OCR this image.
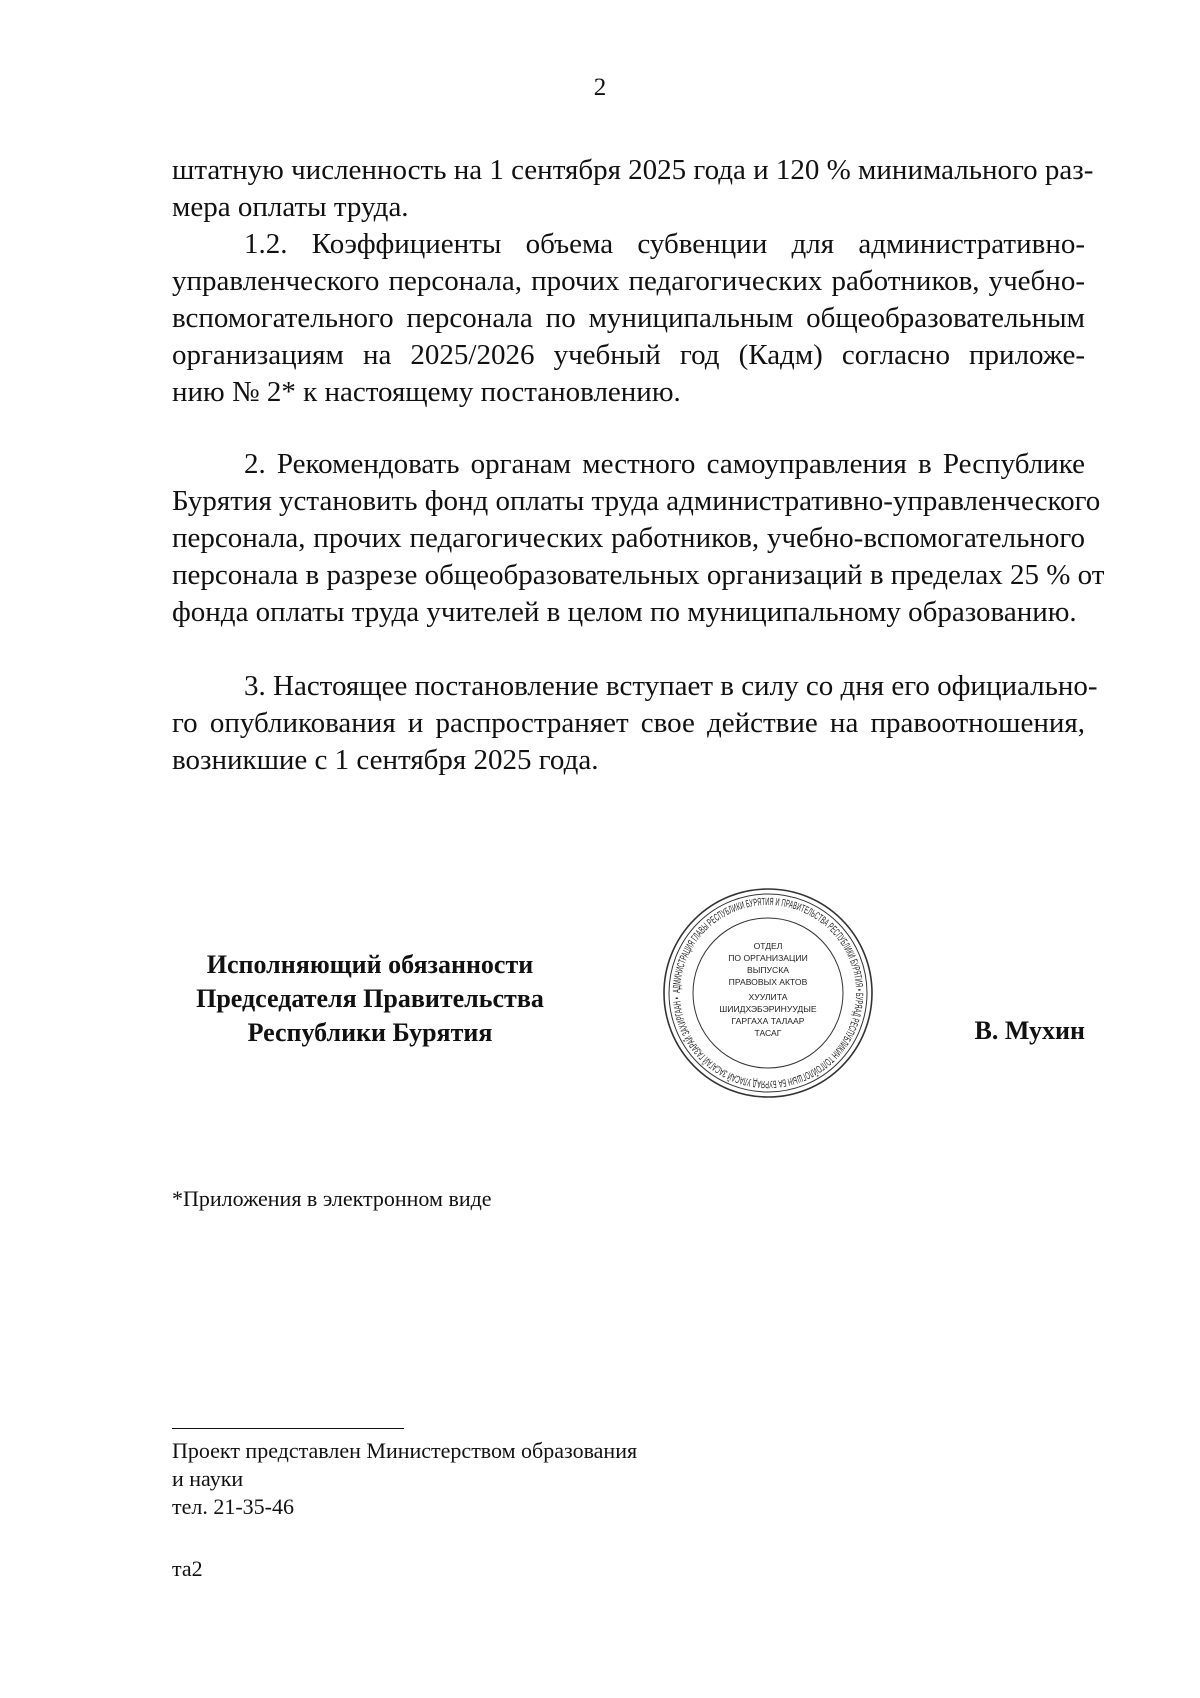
2
штатную численность на 1 сентября 2025 года и 120 % минимального раз-
мера оплаты труда.
1.2. Коэффициенты объема субвенции для административно-
управленческого персонала, прочих педагогических работников, учебно-
вспомогательного персонала по муниципальным общеобразовательным
организациям на 2025/2026 учебный год (Кадм) согласно приложе-
нию № 2* к настоящему постановлению.
2. Рекомендовать органам местного самоуправления в Республике
Бурятия установить фонд оплаты труда административно-управленческого
персонала, прочих педагогических работников, учебно-вспомогательного
персонала в разрезе общеобразовательных организаций в пределах 25 % от
фонда оплаты труда учителей в целом по муниципальному образованию.
3. Настоящее постановление вступает в силу со дня его официально-
го опубликования и распространяет свое действие на правоотношения,
возникшие с 1 сентября 2025 года.
Исполняющий обязанности
Председателя Правительства
Республики Бурятия
АДМИНИСТРАЦИЯ ГЛАВЫ РЕСПУБЛИКИ БУРЯТИЯ И ПРАВИТЕЛЬСТВА РЕСПУБЛИКИ БУРЯТИЯ • БУРЯАД РЕСПУБЛИКИН ТОЛГОЙЛОГШЫН БА БУРЯАД УЛАСАЙ ЗАСАГАЙ ГАЗАРАЙ ЗАХИРГААН •
ОТДЕЛ
ПО ОРГАНИЗАЦИИ
ВЫПУСКА
ПРАВОВЫХ АКТОВ
ХУУЛИТА
ШИИДХЭБЭРИНУУДЫЕ
ГАРГАХА ТАЛААР
ТАСАГ	В. Мухин
*Приложения в электронном виде
Проект представлен Министерством образования
и науки
тел. 21-35-46
та2
